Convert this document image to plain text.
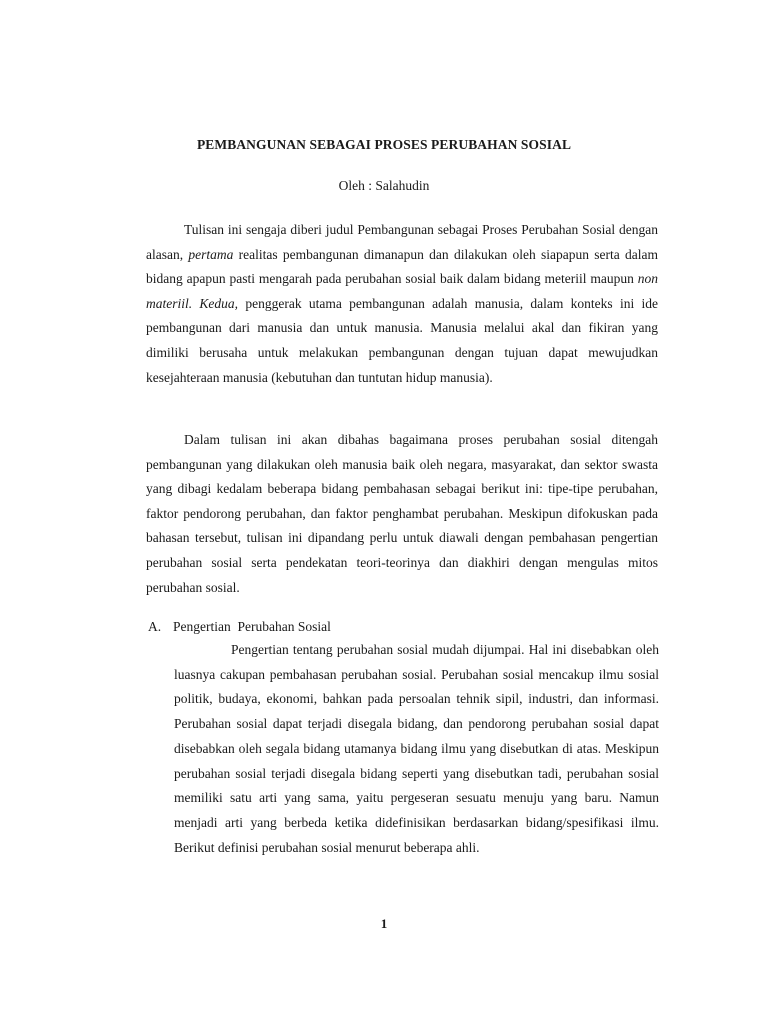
PEMBANGUNAN SEBAGAI PROSES PERUBAHAN SOSIAL
Oleh : Salahudin

Tulisan ini sengaja diberi judul Pembangunan sebagai Proses Perubahan Sosial dengan alasan, pertama realitas pembangunan dimanapun dan dilakukan oleh siapapun serta dalam bidang apapun pasti mengarah pada perubahan sosial baik dalam bidang meteriil maupun non materiil. Kedua, penggerak utama pembangunan adalah manusia, dalam konteks ini ide pembangunan dari manusia dan untuk manusia. Manusia melalui akal dan fikiran yang dimiliki berusaha untuk melakukan pembangunan dengan tujuan dapat mewujudkan kesejahteraan manusia (kebutuhan dan tuntutan hidup manusia).

Dalam tulisan ini akan dibahas bagaimana proses perubahan sosial ditengah pembangunan yang dilakukan oleh manusia baik oleh negara, masyarakat, dan sektor swasta yang dibagi kedalam beberapa bidang pembahasan sebagai berikut ini: tipe-tipe perubahan, faktor pendorong perubahan, dan faktor penghambat perubahan. Meskipun difokuskan pada bahasan tersebut, tulisan ini dipandang perlu untuk diawali dengan pembahasan pengertian perubahan sosial serta pendekatan teori-teorinya dan diakhiri dengan mengulas mitos perubahan sosial.

A. Pengertian  Perubahan Sosial

Pengertian tentang perubahan sosial mudah dijumpai. Hal ini disebabkan oleh luasnya cakupan pembahasan perubahan sosial. Perubahan sosial mencakup ilmu sosial politik, budaya, ekonomi, bahkan pada persoalan tehnik sipil, industri, dan informasi. Perubahan sosial dapat terjadi disegala bidang, dan pendorong perubahan sosial dapat disebabkan oleh segala bidang utamanya bidang ilmu yang disebutkan di atas. Meskipun perubahan sosial terjadi disegala bidang seperti yang disebutkan tadi, perubahan sosial memiliki satu arti yang sama, yaitu pergeseran sesuatu menuju yang baru. Namun menjadi arti yang berbeda ketika didefinisikan berdasarkan bidang/spesifikasi ilmu. Berikut definisi perubahan sosial menurut beberapa ahli.

1
